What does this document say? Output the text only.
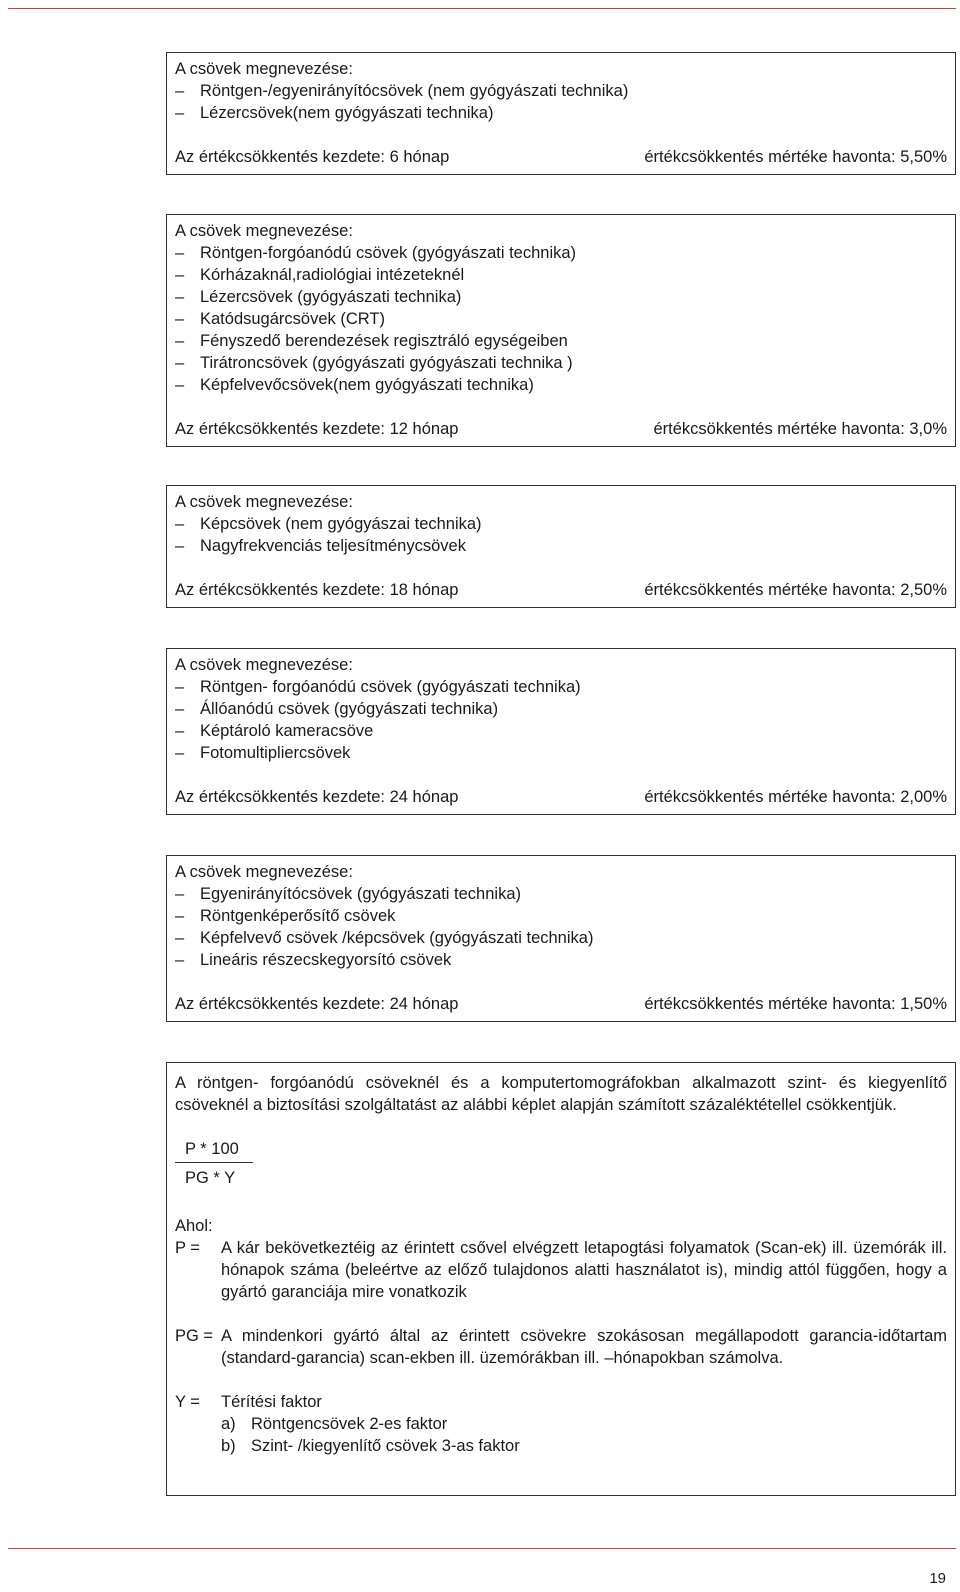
A csövek megnevezése:
– Röntgen-/egyenirányítócsövek (nem gyógyászati technika)
– Lézercsövek(nem gyógyászati technika)
Az értékcsökkentés kezdete: 6 hónap	értékcsökkentés mértéke havonta: 5,50%
A csövek megnevezése:
– Röntgen-forgóanódú csövek (gyógyászati technika)
– Kórházaknál,radiológiai intézeteknél
– Lézercsövek (gyógyászati technika)
– Katódsugárcsövek (CRT)
– Fényszedő berendezések regisztráló egységeiben
– Tirátroncsövek (gyógyászati gyógyászati technika )
– Képfelvevőcsövek(nem gyógyászati technika)
Az értékcsökkentés kezdete: 12 hónap	értékcsökkentés mértéke havonta: 3,0%
A csövek megnevezése:
– Képcsövek (nem gyógyászai technika)
– Nagyfrekvenciás teljesítménycsövek
Az értékcsökkentés kezdete: 18 hónap	értékcsökkentés mértéke havonta: 2,50%
A csövek megnevezése:
– Röntgen- forgóanódú csövek (gyógyászati technika)
– Állóanódú csövek (gyógyászati technika)
– Képtároló kameracsöve
– Fotomultipliercsövek
Az értékcsökkentés kezdete: 24 hónap	értékcsökkentés mértéke havonta: 2,00%
A csövek megnevezése:
– Egyenirányítócsövek (gyógyászati technika)
– Röntgenképerősítő csövek
– Képfelvevő csövek /képcsövek (gyógyászati technika)
– Lineáris részecskegyorsító csövek
Az értékcsökkentés kezdete: 24 hónap	értékcsökkentés mértéke havonta: 1,50%
A röntgen- forgóanódú csöveknél és a komputertomográfokban alkalmazott szint- és kiegyenlítő csöveknél a biztosítási szolgáltatást az alábbi képlet alapján számított százaléktétellel csökkentjük.
P * 100
PG * Y
Ahol:
P =	A kár bekövetkeztéig az érintett csővel elvégzett letapogtási folyamatok (Scan-ek) ill. üzemórák ill. hónapok száma (beleértve az előző tulajdonos alatti használatot is), mindig attól függően, hogy a gyártó garanciája mire vonatkozik
PG = A mindenkori gyártó által az érintett csövekre szokásosan megállapodott garancia-időtartam (standard-garancia) scan-ekben ill. üzemórákban ill. –hónapokban számolva.
Y =	Térítési faktor
a) Röntgencsövek 2-es faktor
b) Szint- /kiegyenlítő csövek 3-as faktor
19
